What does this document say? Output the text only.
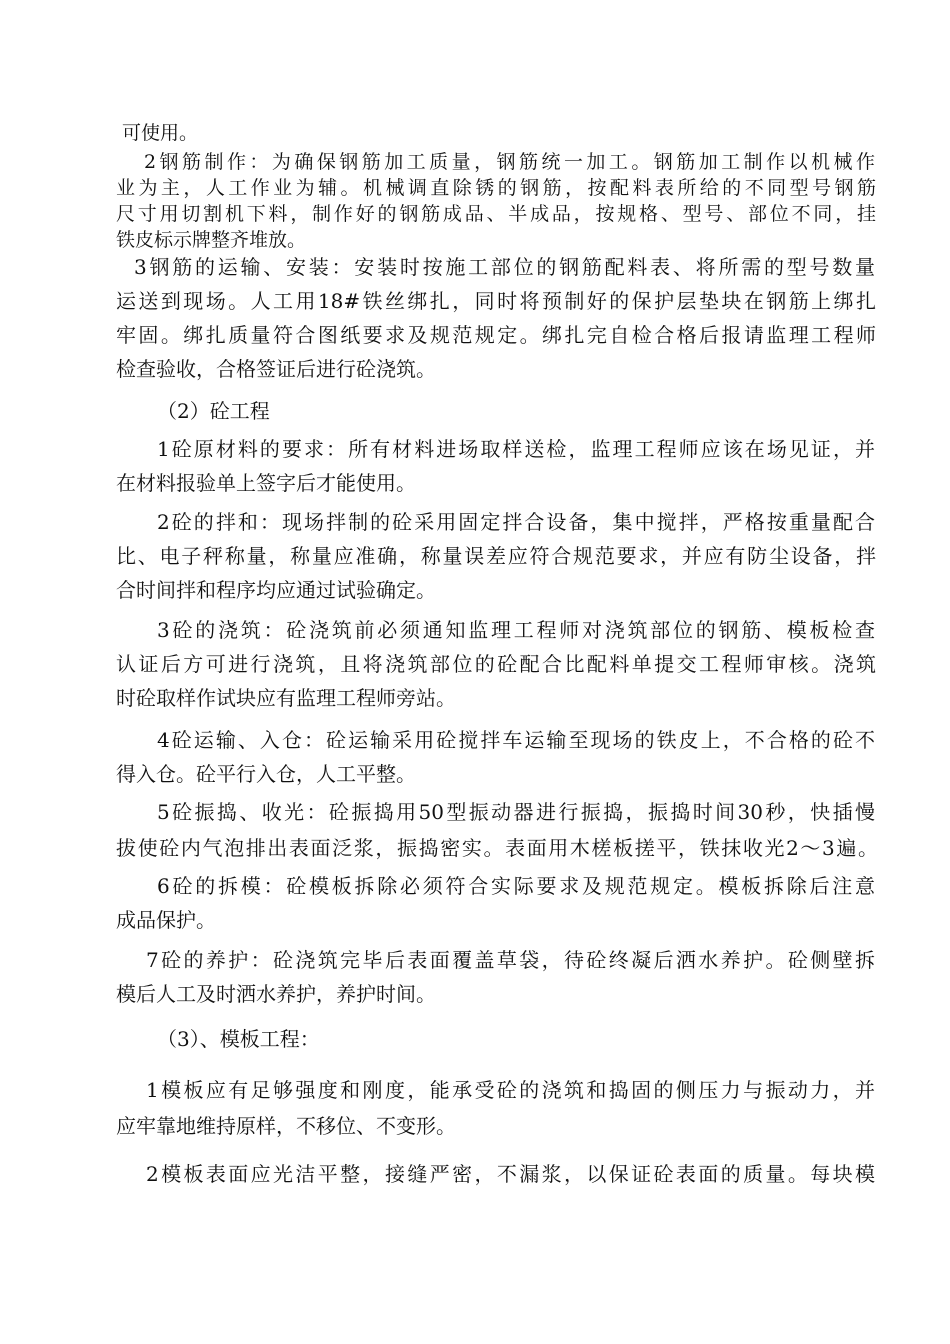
可使用。
2钢筋制作：为确保钢筋加工质量，钢筋统一加工。钢筋加工制作以机械作
业为主，人工作业为辅。机械调直除锈的钢筋，按配料表所给的不同型号钢筋
尺寸用切割机下料，制作好的钢筋成品、半成品，按规格、型号、部位不同，挂
铁皮标示牌整齐堆放。
3钢筋的运输、安装：安装时按施工部位的钢筋配料表、将所需的型号数量
运送到现场。人工用18#铁丝绑扎，同时将预制好的保护层垫块在钢筋上绑扎
牢固。绑扎质量符合图纸要求及规范规定。绑扎完自检合格后报请监理工程师
检查验收，合格签证后进行砼浇筑。
（2）砼工程
1砼原材料的要求：所有材料进场取样送检，监理工程师应该在场见证，并
在材料报验单上签字后才能使用。
2砼的拌和：现场拌制的砼采用固定拌合设备，集中搅拌，严格按重量配合
比、电子秤称量，称量应准确，称量误差应符合规范要求，并应有防尘设备，拌
合时间拌和程序均应通过试验确定。
3砼的浇筑：砼浇筑前必须通知监理工程师对浇筑部位的钢筋、模板检查
认证后方可进行浇筑，且将浇筑部位的砼配合比配料单提交工程师审核。浇筑
时砼取样作试块应有监理工程师旁站。
4砼运输、入仓：砼运输采用砼搅拌车运输至现场的铁皮上，不合格的砼不
得入仓。砼平行入仓，人工平整。
5砼振捣、收光：砼振捣用50型振动器进行振捣，振捣时间30秒，快插慢
拔使砼内气泡排出表面泛浆，振捣密实。表面用木槎板搓平，铁抹收光2～3遍。
6砼的拆模：砼模板拆除必须符合实际要求及规范规定。模板拆除后注意
成品保护。
7砼的养护：砼浇筑完毕后表面覆盖草袋，待砼终凝后洒水养护。砼侧壁拆
模后人工及时洒水养护，养护时间。
（3）、模板工程：
1模板应有足够强度和刚度，能承受砼的浇筑和捣固的侧压力与振动力，并
应牢靠地维持原样，不移位、不变形。
2模板表面应光洁平整，接缝严密，不漏浆，以保证砼表面的质量。每块模
